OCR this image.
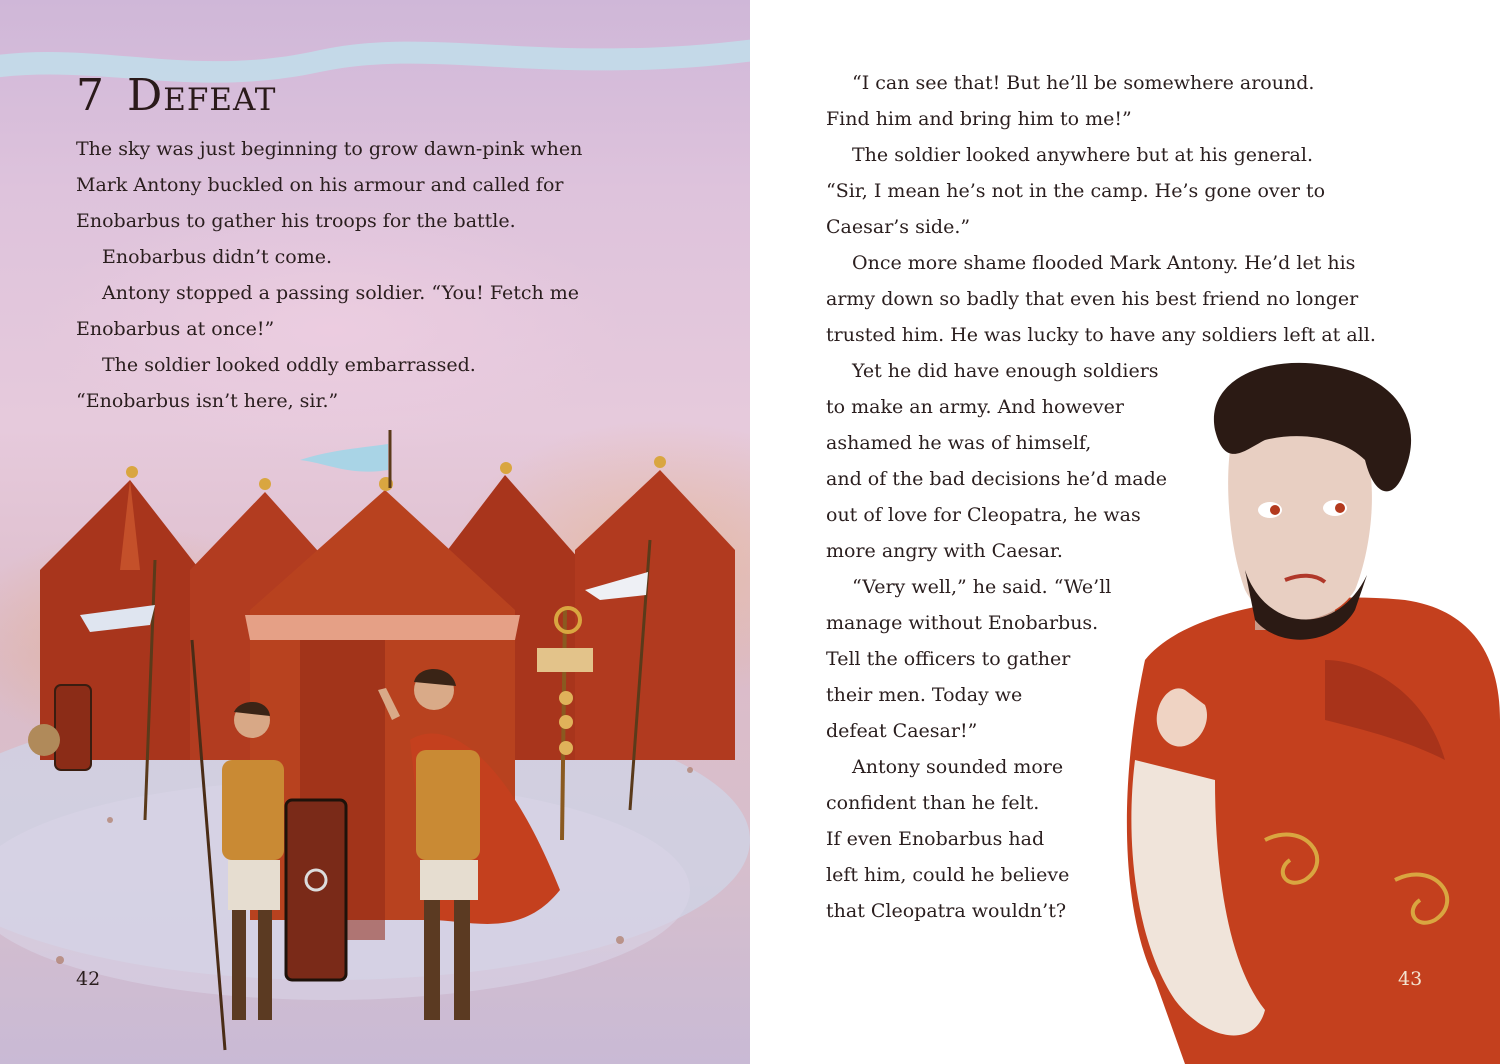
7 Defeat

The sky was just beginning to grow dawn-pink when

Mark Antony buckled on his armour and called for

Enobarbus to gather his troops for the battle.

Enobarbus didn’t come.

Antony stopped a passing soldier. “You! Fetch me

Enobarbus at once!”

The soldier looked oddly embarrassed.

“Enobarbus isn’t here, sir.”

42

“I can see that! But he’ll be somewhere around.

Find him and bring him to me!”

The soldier looked anywhere but at his general.

“Sir, I mean he’s not in the camp. He’s gone over to

Caesar’s side.”

Once more shame flooded Mark Antony. He’d let his

army down so badly that even his best friend no longer

trusted him. He was lucky to have any soldiers left at all.

Yet he did have enough soldiers

to make an army. And however

ashamed he was of himself,

and of the bad decisions he’d made

out of love for Cleopatra, he was

more angry with Caesar.

“Very well,” he said. “We’ll

manage without Enobarbus.

Tell the officers to gather

their men. Today we

defeat Caesar!”

Antony sounded more

confident than he felt.

If even Enobarbus had

left him, could he believe

that Cleopatra wouldn’t?

43
